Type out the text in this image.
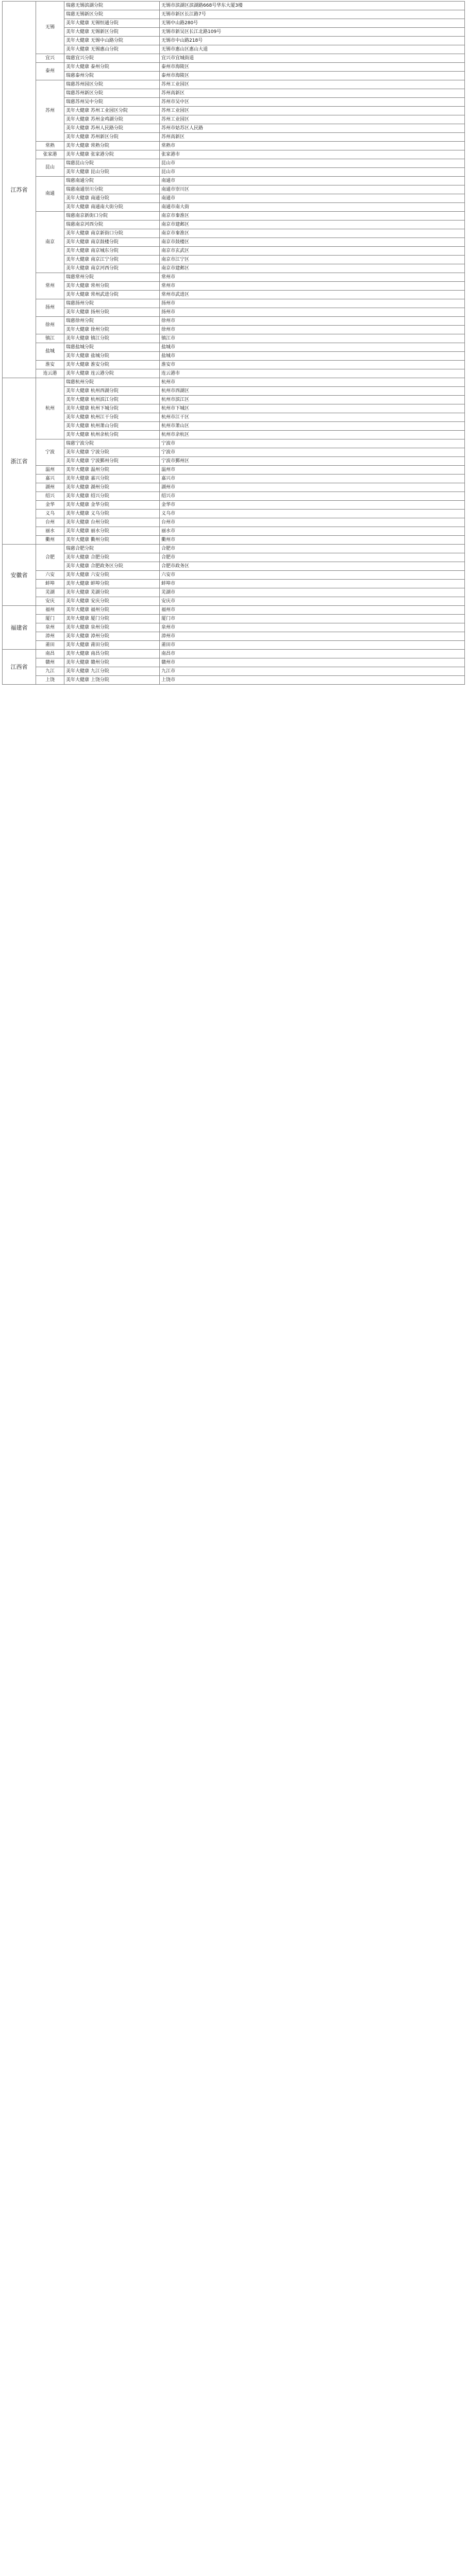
江苏省	无锡	瑞慈无锡滨湖分院	无锡市滨湖区滨湖路668号华东大厦3楼
		瑞慈无锡新区分院	无锡市新区长江路7号
		美年大健康 无锡恒通分院	无锡中山路280号
		美年大健康 无锡新区分院	无锡市新吴区长江北路109号
		美年大健康 无锡中山路分院	无锡市中山路218号
		美年大健康 无锡惠山分院	无锡市惠山区惠山大道
	宜兴	瑞慈宜兴分院	宜兴市宜城街道
	泰州	美年大健康 泰州分院	泰州市海陵区
		瑞慈泰州分院	泰州市海陵区
	苏州	瑞慈苏州园区分院	苏州工业园区
		瑞慈苏州新区分院	苏州高新区
		瑞慈苏州吴中分院	苏州市吴中区
		美年大健康 苏州工业园区分院	苏州工业园区
		美年大健康 苏州金鸡湖分院	苏州工业园区
		美年大健康 苏州人民路分院	苏州市姑苏区人民路
		美年大健康 苏州新区分院	苏州高新区
	常熟	美年大健康 常熟分院	常熟市
	张家港	美年大健康 张家港分院	张家港市
	昆山	瑞慈昆山分院	昆山市
		美年大健康 昆山分院	昆山市
	南通	瑞慈南通分院	南通市
		瑞慈南通崇川分院	南通市崇川区
		美年大健康 南通分院	南通市
		美年大健康 南通南大街分院	南通市南大街
	南京	瑞慈南京新街口分院	南京市秦淮区
		瑞慈南京河西分院	南京市建邺区
		美年大健康 南京新街口分院	南京市秦淮区
		美年大健康 南京鼓楼分院	南京市鼓楼区
		美年大健康 南京城东分院	南京市玄武区
		美年大健康 南京江宁分院	南京市江宁区
		美年大健康 南京河西分院	南京市建邺区
	常州	瑞慈常州分院	常州市
		美年大健康 常州分院	常州市
		美年大健康 常州武进分院	常州市武进区
	扬州	瑞慈扬州分院	扬州市
		美年大健康 扬州分院	扬州市
	徐州	瑞慈徐州分院	徐州市
		美年大健康 徐州分院	徐州市
	镇江	美年大健康 镇江分院	镇江市
	盐城	瑞慈盐城分院	盐城市
		美年大健康 盐城分院	盐城市
	淮安	美年大健康 淮安分院	淮安市
	连云港	美年大健康 连云港分院	连云港市
浙江省	杭州	瑞慈杭州分院	杭州市
		美年大健康 杭州西湖分院	杭州市西湖区
		美年大健康 杭州滨江分院	杭州市滨江区
		美年大健康 杭州下城分院	杭州市下城区
		美年大健康 杭州江干分院	杭州市江干区
		美年大健康 杭州萧山分院	杭州市萧山区
		美年大健康 杭州余杭分院	杭州市余杭区
	宁波	瑞慈宁波分院	宁波市
		美年大健康 宁波分院	宁波市
		美年大健康 宁波鄞州分院	宁波市鄞州区
	温州	美年大健康 温州分院	温州市
	嘉兴	美年大健康 嘉兴分院	嘉兴市
	湖州	美年大健康 湖州分院	湖州市
	绍兴	美年大健康 绍兴分院	绍兴市
	金华	美年大健康 金华分院	金华市
	义乌	美年大健康 义乌分院	义乌市
	台州	美年大健康 台州分院	台州市
	丽水	美年大健康 丽水分院	丽水市
	衢州	美年大健康 衢州分院	衢州市
安徽省	合肥	瑞慈合肥分院	合肥市
		美年大健康 合肥分院	合肥市
		美年大健康 合肥政务区分院	合肥市政务区
	六安	美年大健康 六安分院	六安市
	蚌埠	美年大健康 蚌埠分院	蚌埠市
	芜湖	美年大健康 芜湖分院	芜湖市
	安庆	美年大健康 安庆分院	安庆市
福建省	福州	美年大健康 福州分院	福州市
	厦门	美年大健康 厦门分院	厦门市
	泉州	美年大健康 泉州分院	泉州市
	漳州	美年大健康 漳州分院	漳州市
	莆田	美年大健康 莆田分院	莆田市
江西省	南昌	美年大健康 南昌分院	南昌市
	赣州	美年大健康 赣州分院	赣州市
	九江	美年大健康 九江分院	九江市
	上饶	美年大健康 上饶分院	上饶市
